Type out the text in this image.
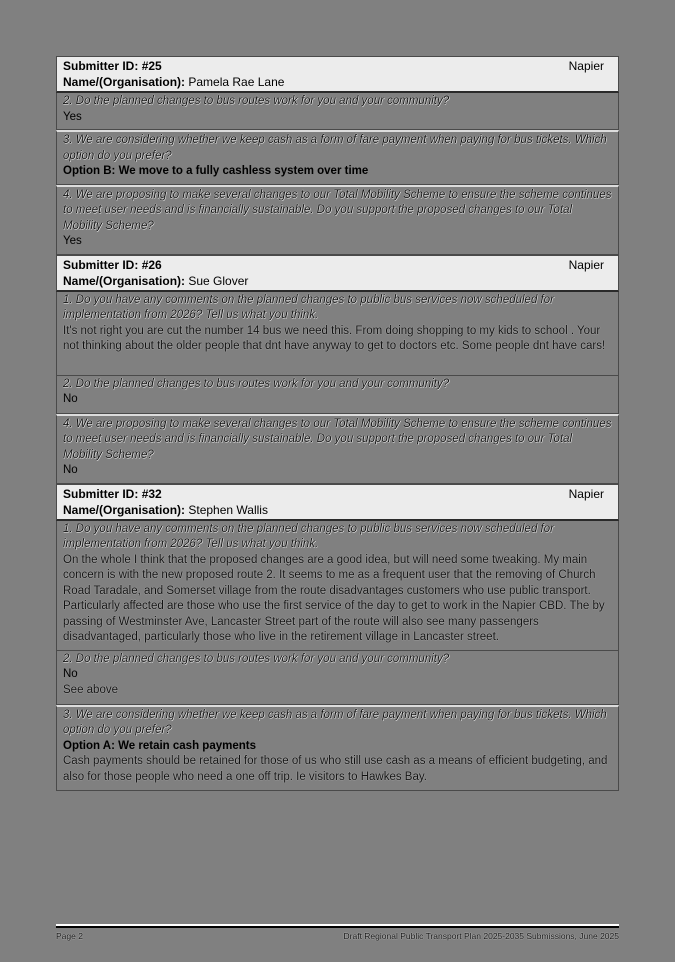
Submitter ID: #25	Napier
Name/(Organisation): Pamela Rae Lane
2. Do the planned changes to bus routes work for you and your community?
Yes
3. We are considering whether we keep cash as a form of fare payment when paying for bus tickets. Which option do you prefer?
Option B: We move to a fully cashless system over time
4. We are proposing to make several changes to our Total Mobility Scheme to ensure the scheme continues to meet user needs and is financially sustainable. Do you support the proposed changes to our Total Mobility Scheme?
Yes
Submitter ID: #26	Napier
Name/(Organisation): Sue Glover
1. Do you have any comments on the planned changes to public bus services now scheduled for implementation from 2026? Tell us what you think.
It's not right you are cut the number 14 bus we need this. From doing shopping to my kids to school . Your not thinking about the older people that dnt have anyway to get to doctors etc. Some people dnt have cars!
2. Do the planned changes to bus routes work for you and your community?
No
4. We are proposing to make several changes to our Total Mobility Scheme to ensure the scheme continues to meet user needs and is financially sustainable. Do you support the proposed changes to our Total Mobility Scheme?
No
Submitter ID: #32	Napier
Name/(Organisation): Stephen Wallis
1. Do you have any comments on the planned changes to public bus services now scheduled for implementation from 2026? Tell us what you think.
On the whole I think that the proposed changes are a good idea, but will need some tweaking. My main concern is with the new proposed route 2. It seems to me as a frequent user that the removing of Church Road Taradale, and Somerset village from the route disadvantages customers who use public transport. Particularly affected are those who use the first service of the day to get to work in the Napier CBD. The by passing of Westminster Ave, Lancaster Street part of the route will also see many passengers disadvantaged, particularly those who live in the retirement village in Lancaster street.
2. Do the planned changes to bus routes work for you and your community?
No
See above
3. We are considering whether we keep cash as a form of fare payment when paying for bus tickets. Which option do you prefer?
Option A: We retain cash payments
Cash payments should be retained for those of us who still use cash as a means of efficient budgeting, and also for those people who need a one off trip. Ie visitors to Hawkes Bay.
Page 2	Draft Regional Public Transport Plan 2025-2035 Submissions, June 2025
